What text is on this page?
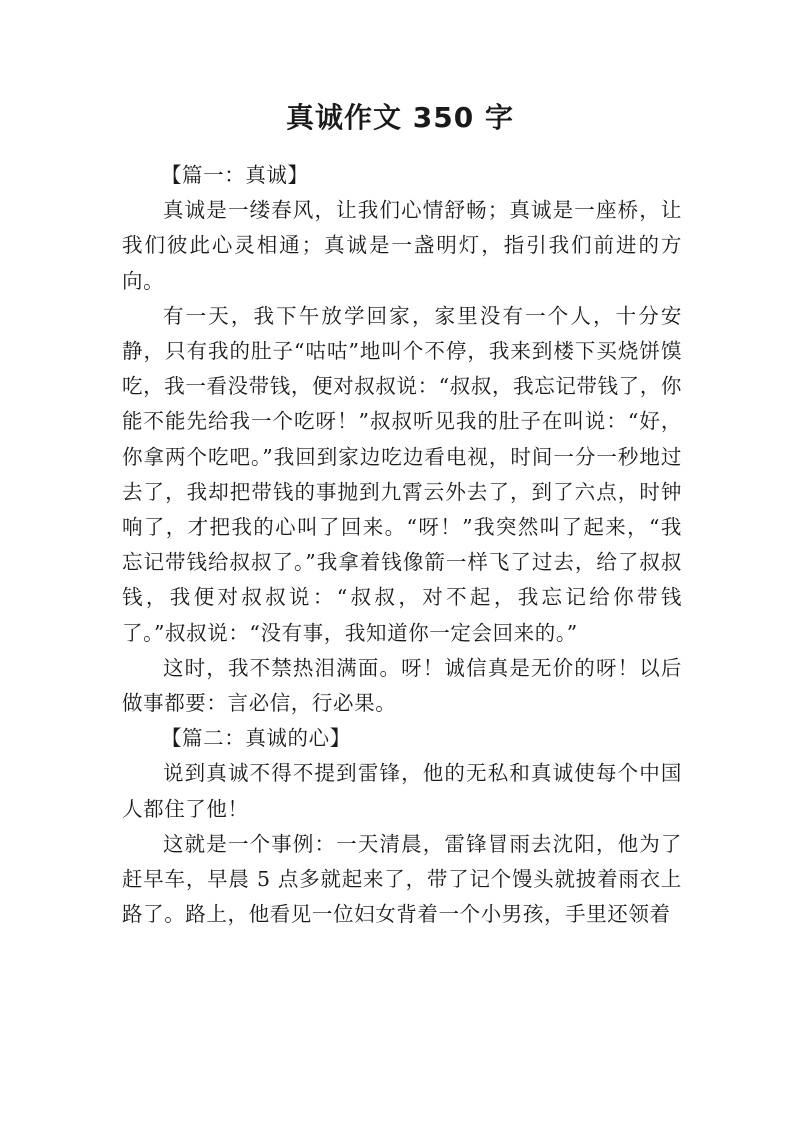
真诚作文 350 字

【篇一：真诚】

真诚是一缕春风，让我们心情舒畅；真诚是一座桥，让我们彼此心灵相通；真诚是一盏明灯，指引我们前进的方向。

有一天，我下午放学回家，家里没有一个人，十分安静，只有我的肚子“咕咕”地叫个不停，我来到楼下买烧饼馍吃，我一看没带钱，便对叔叔说：“叔叔，我忘记带钱了，你能不能先给我一个吃呀！”叔叔听见我的肚子在叫说：“好，你拿两个吃吧。”我回到家边吃边看电视，时间一分一秒地过去了，我却把带钱的事抛到九霄云外去了，到了六点，时钟响了，才把我的心叫了回来。“呀！”我突然叫了起来，“我忘记带钱给叔叔了。”我拿着钱像箭一样飞了过去，给了叔叔钱，我便对叔叔说：“叔叔，对不起，我忘记给你带钱了。”叔叔说：“没有事，我知道你一定会回来的。”

这时，我不禁热泪满面。呀！诚信真是无价的呀！以后做事都要：言必信，行必果。

【篇二：真诚的心】

说到真诚不得不提到雷锋，他的无私和真诚使每个中国人都住了他！

这就是一个事例：一天清晨，雷锋冒雨去沈阳，他为了赶早车，早晨 5 点多就起来了，带了记个馒头就披着雨衣上路了。路上，他看见一位妇女背着一个小男孩，手里还领着
